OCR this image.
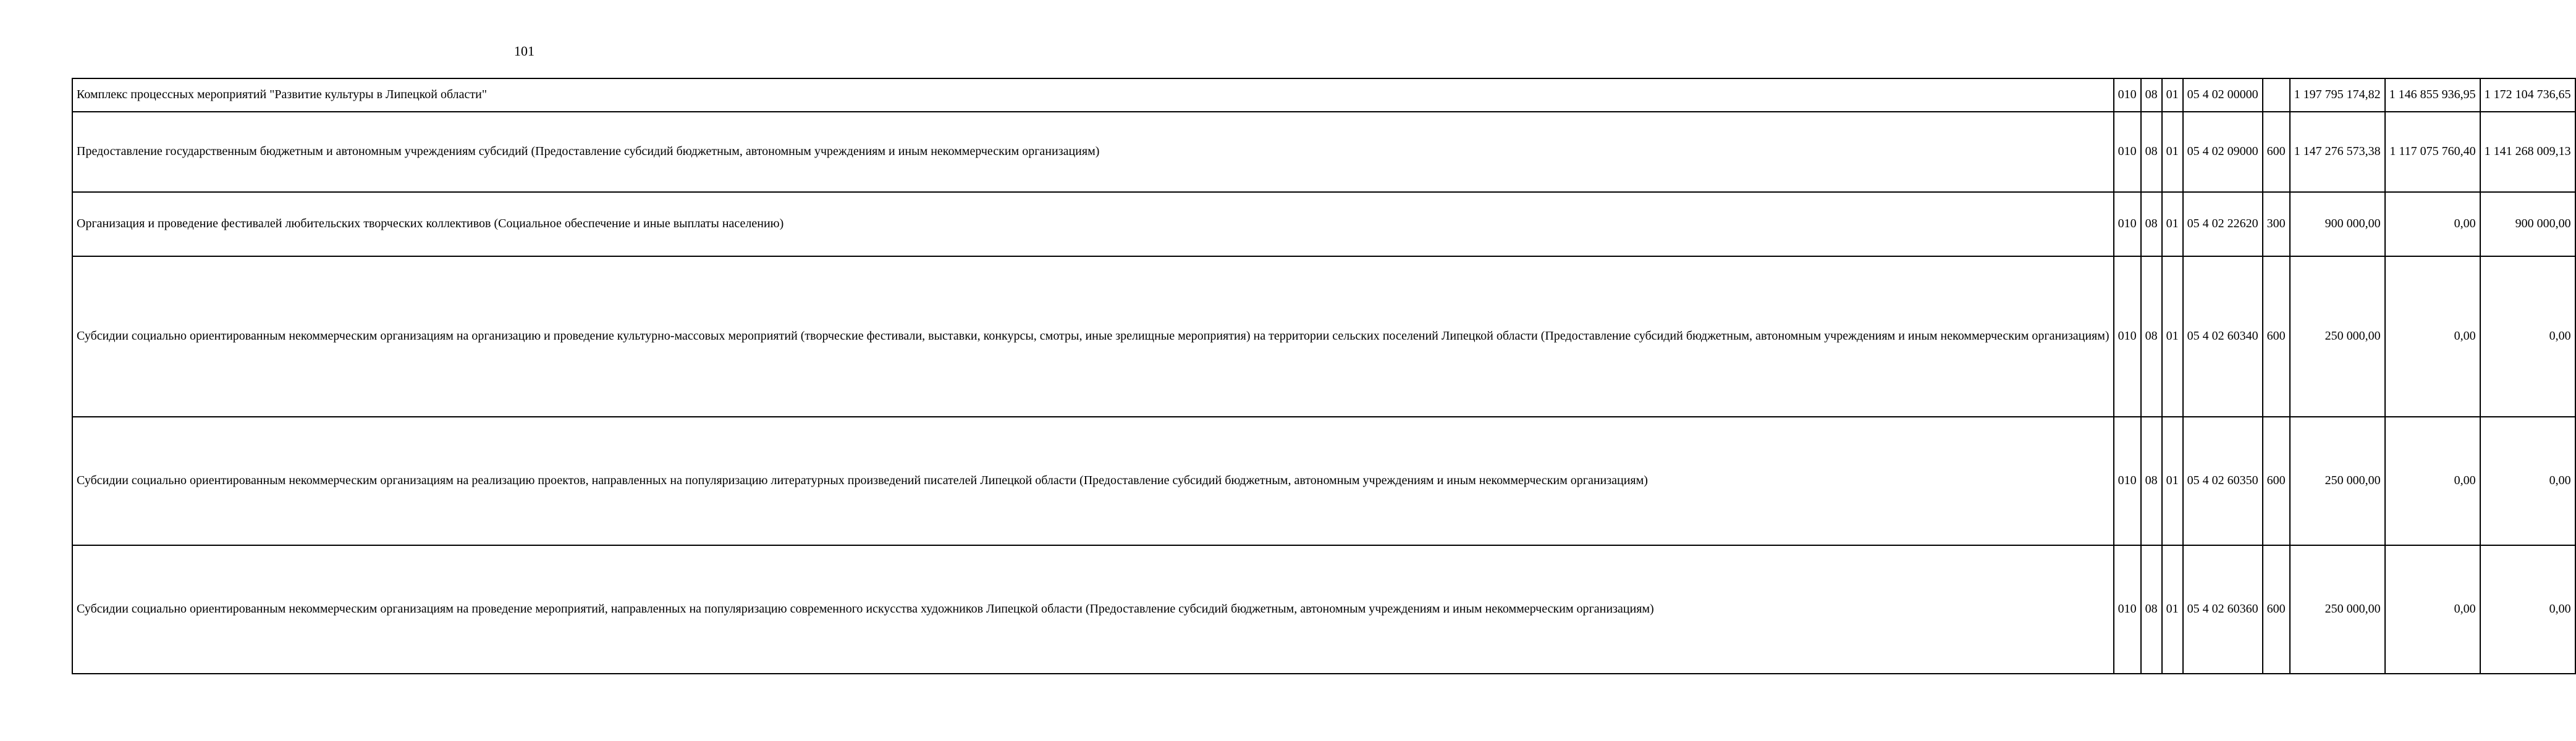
101
Комплекс процессных мероприятий "Развитие культуры в Липецкой области"	010	08	01	05 4 02 00000		1 197 795 174,82	1 146 855 936,95	1 172 104 736,65
Предоставление государственным бюджетным и автономным учреждениям субсидий (Предоставление субсидий бюджетным, автономным учреждениям и иным некоммерческим организациям)	010	08	01	05 4 02 09000	600	1 147 276 573,38	1 117 075 760,40	1 141 268 009,13
Организация и проведение фестивалей любительских творческих коллективов (Социальное обеспечение и иные выплаты населению)	010	08	01	05 4 02 22620	300	900 000,00	0,00	900 000,00
Субсидии социально ориентированным некоммерческим организациям на организацию и проведение культурно-массовых мероприятий (творческие фестивали, выставки, конкурсы, смотры, иные зрелищные мероприятия) на территории сельских поселений Липецкой области (Предоставление субсидий бюджетным, автономным учреждениям и иным некоммерческим организациям)	010	08	01	05 4 02 60340	600	250 000,00	0,00	0,00
Субсидии социально ориентированным некоммерческим организациям на реализацию проектов, направленных на популяризацию литературных произведений писателей Липецкой области (Предоставление субсидий бюджетным, автономным учреждениям и иным некоммерческим организациям)	010	08	01	05 4 02 60350	600	250 000,00	0,00	0,00
Субсидии социально ориентированным некоммерческим организациям на проведение мероприятий, направленных на популяризацию современного искусства художников Липецкой области (Предоставление субсидий бюджетным, автономным учреждениям и иным некоммерческим организациям)	010	08	01	05 4 02 60360	600	250 000,00	0,00	0,00
